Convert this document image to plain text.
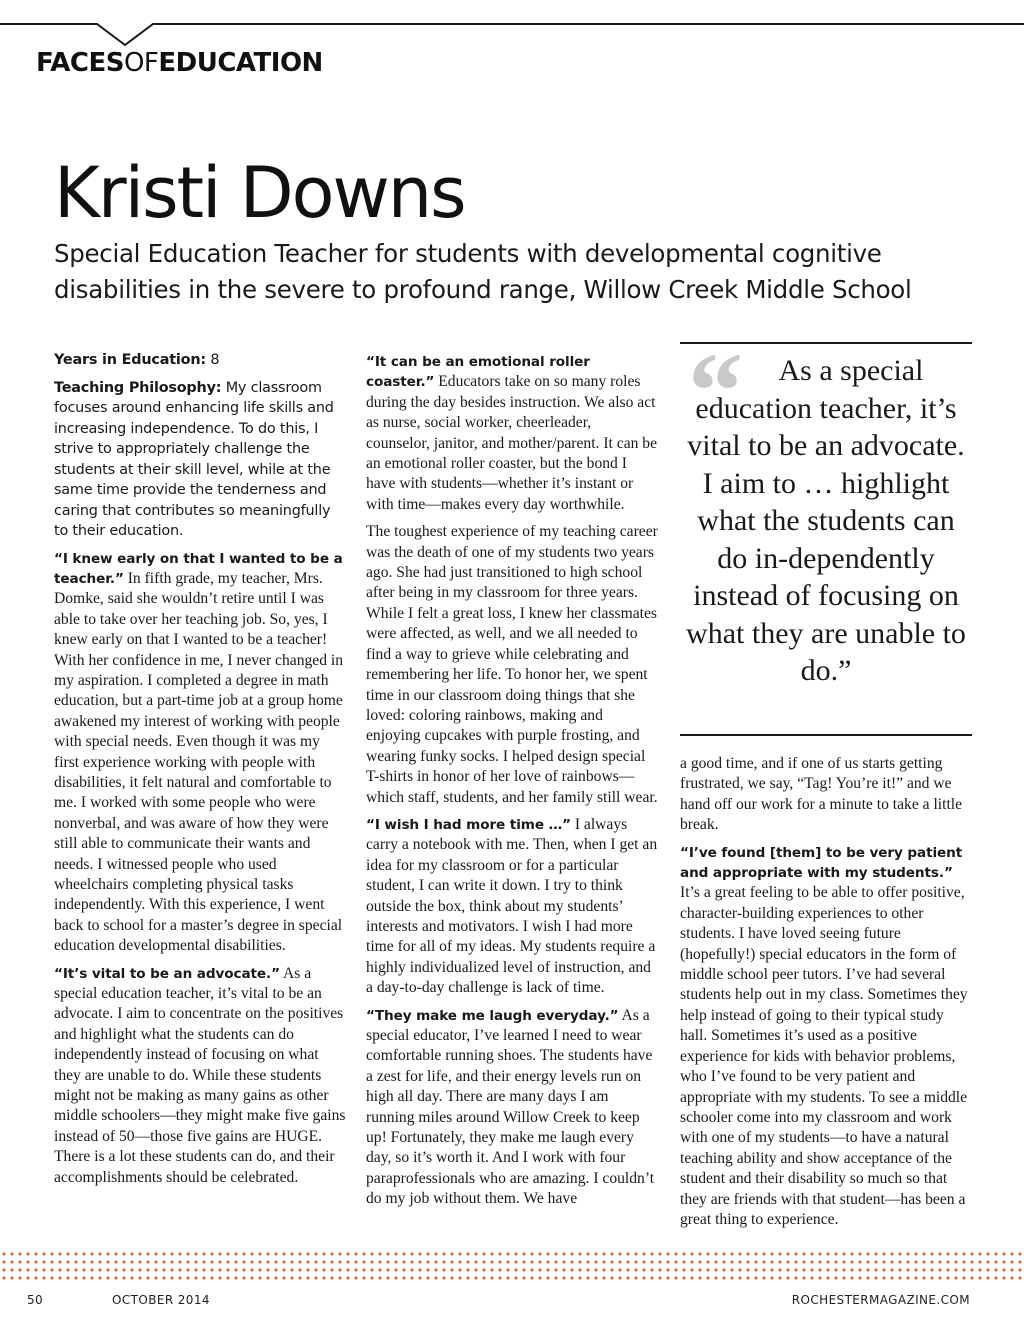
FACESOFEDUCATION
Kristi Downs

Special Education Teacher for students with developmental cognitive disabilities in the severe to profound range, Willow Creek Middle School

Years in Education: 8

Teaching Philosophy: My classroom focuses around enhancing life skills and increasing independence. To do this, I strive to appropriately challenge the students at their skill level, while at the same time provide the tenderness and caring that contributes so meaningfully to their education.

“I knew early on that I wanted to be a teacher.” In fifth grade, my teacher, Mrs. Domke, said she wouldn’t retire until I was able to take over her teaching job. So, yes, I knew early on that I wanted to be a teacher! With her confidence in me, I never changed in my aspiration. I completed a degree in math education, but a part-time job at a group home awakened my interest of working with people with special needs. Even though it was my first experience working with people with disabilities, it felt natural and comfortable to me. I worked with some people who were nonverbal, and was aware of how they were still able to communicate their wants and needs. I witnessed people who used wheelchairs completing physical tasks independently. With this experience, I went back to school for a master’s degree in special education developmental disabilities.

“It’s vital to be an advocate.” As a special education teacher, it’s vital to be an advocate. I aim to concentrate on the positives and highlight what the students can do independently instead of focusing on what they are unable to do. While these students might not be making as many gains as other middle schoolers—they might make five gains instead of 50—those five gains are HUGE. There is a lot these students can do, and their accomplishments should be celebrated.

“It can be an emotional roller coaster.” Educators take on so many roles during the day besides instruction. We also act as nurse, social worker, cheerleader, counselor, janitor, and mother/parent. It can be an emotional roller coaster, but the bond I have with students—whether it’s instant or with time—makes every day worthwhile.

The toughest experience of my teaching career was the death of one of my students two years ago. She had just transitioned to high school after being in my classroom for three years. While I felt a great loss, I knew her classmates were affected, as well, and we all needed to find a way to grieve while celebrating and remembering her life. To honor her, we spent time in our classroom doing things that she loved: coloring rainbows, making and enjoying cupcakes with purple frosting, and wearing funky socks. I helped design special T-shirts in honor of her love of rainbows—which staff, students, and her family still wear.

“I wish I had more time …” I always carry a notebook with me. Then, when I get an idea for my classroom or for a particular student, I can write it down. I try to think outside the box, think about my students’ interests and motivators. I wish I had more time for all of my ideas. My students require a highly individualized level of instruction, and a day-to-day challenge is lack of time.

“They make me laugh everyday.” As a special educator, I’ve learned I need to wear comfortable running shoes. The students have a zest for life, and their energy levels run on high all day. There are many days I am running miles around Willow Creek to keep up! Fortunately, they make me laugh every day, so it’s worth it. And I work with four paraprofessionals who are amazing. I couldn’t do my job without them. We have

“	As a special education teacher, it’s vital to be an advocate. I aim to … highlight what the students can do in-dependently instead of focusing on what they are unable to do.”

a good time, and if one of us starts getting frustrated, we say, “Tag! You’re it!” and we hand off our work for a minute to take a little break.

“I’ve found [them] to be very patient and appropriate with my students.” It’s a great feeling to be able to offer positive, character-building experiences to other students. I have loved seeing future (hopefully!) special educators in the form of middle school peer tutors. I’ve had several students help out in my class. Sometimes they help instead of going to their typical study hall. Sometimes it’s used as a positive experience for kids with behavior problems, who I’ve found to be very patient and appropriate with my students. To see a middle schooler come into my classroom and work with one of my students—to have a natural teaching ability and show acceptance of the student and their disability so much so that they are friends with that student—has been a great thing to experience.

50	OCTOBER 2014	ROCHESTERMAGAZINE.COM
